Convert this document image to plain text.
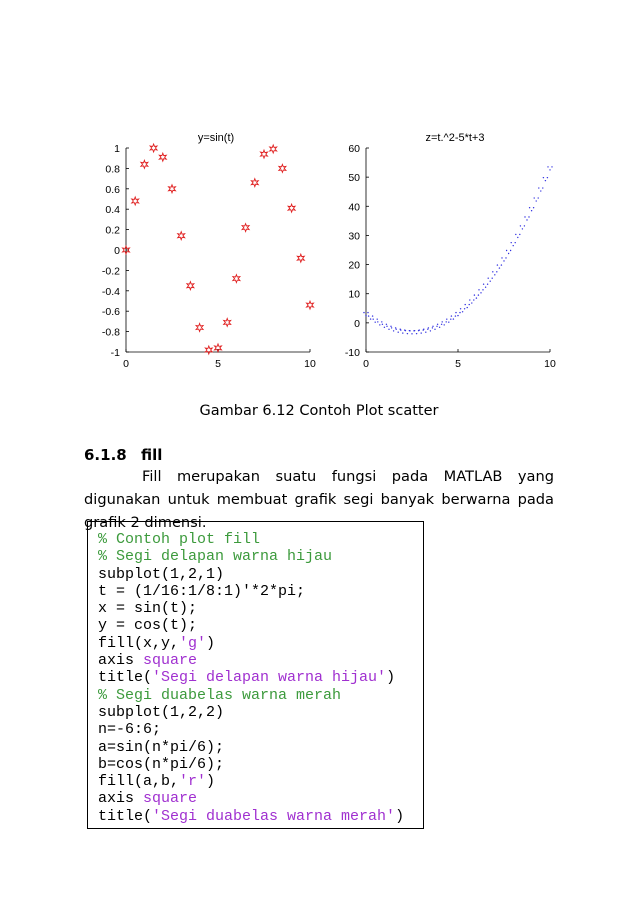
y=sin(t)
1
0.8
0.6
0.4
0.2
0
-0.2
-0.4
-0.6
-0.8
-1
0	5	10
z=t.^2-5*t+3
60
50
40
30
20
10
0
-10
0	5	10
Gambar 6.12 Contoh Plot scatter
6.1.8 fill
Fill merupakan suatu fungsi pada MATLAB yang digunakan untuk membuat grafik segi banyak berwarna pada grafik 2 dimensi.
% Contoh plot fill
% Segi delapan warna hijau
subplot(1,2,1)
t = (1/16:1/8:1)'*2*pi;
x = sin(t);
y = cos(t);
fill(x,y,'g')
axis square
title('Segi delapan warna hijau')
% Segi duabelas warna merah
subplot(1,2,2)
n=-6:6;
a=sin(n*pi/6);
b=cos(n*pi/6);
fill(a,b,'r')
axis square
title('Segi duabelas warna merah')
